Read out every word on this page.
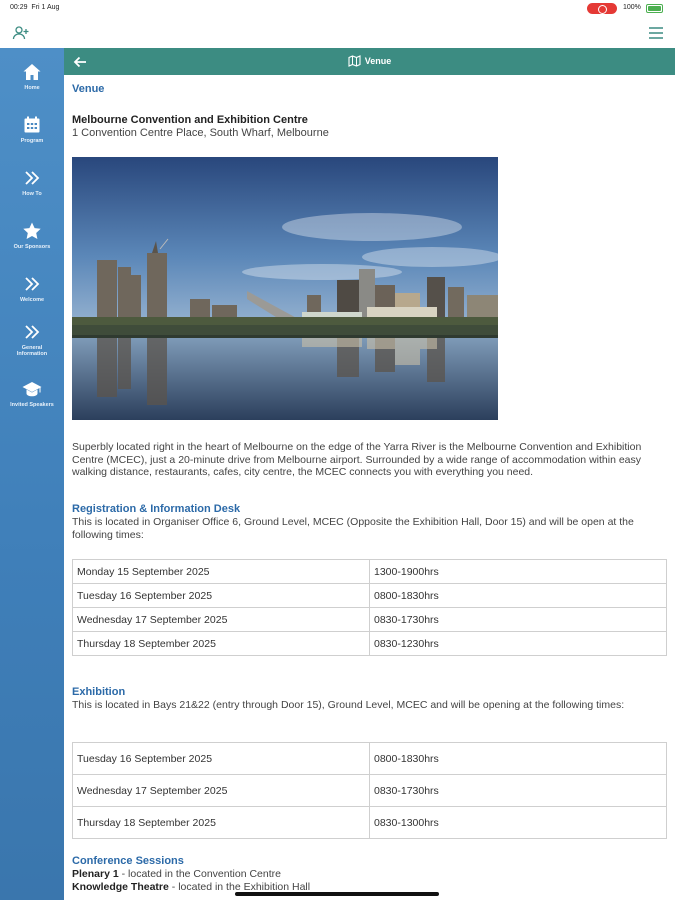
00:29 Fri 1 Aug	100%
Home
Program
How To
Our Sponsors
Welcome
General Information
Invited Speakers
Venue
Venue
Melbourne Convention and Exhibition Centre
1 Convention Centre Place, South Wharf, Melbourne
Superbly located right in the heart of Melbourne on the edge of the Yarra River is the Melbourne Convention and Exhibition Centre (MCEC), just a 20-minute drive from Melbourne airport. Surrounded by a wide range of accommodation within easy walking distance, restaurants, cafes, city centre, the MCEC connects you with everything you need.
Registration & Information Desk
This is located in Organiser Office 6, Ground Level, MCEC (Opposite the Exhibition Hall, Door 15) and will be open at the following times:
Monday 15 September 2025	1300-1900hrs
Tuesday 16 September 2025	0800-1830hrs
Wednesday 17 September 2025	0830-1730hrs
Thursday 18 September 2025	0830-1230hrs
Exhibition
This is located in Bays 21&22 (entry through Door 15), Ground Level, MCEC and will be opening at the following times:
Tuesday 16 September 2025	0800-1830hrs
Wednesday 17 September 2025	0830-1730hrs
Thursday 18 September 2025	0830-1300hrs
Conference Sessions
Plenary 1 - located in the Convention Centre
Knowledge Theatre - located in the Exhibition Hall
